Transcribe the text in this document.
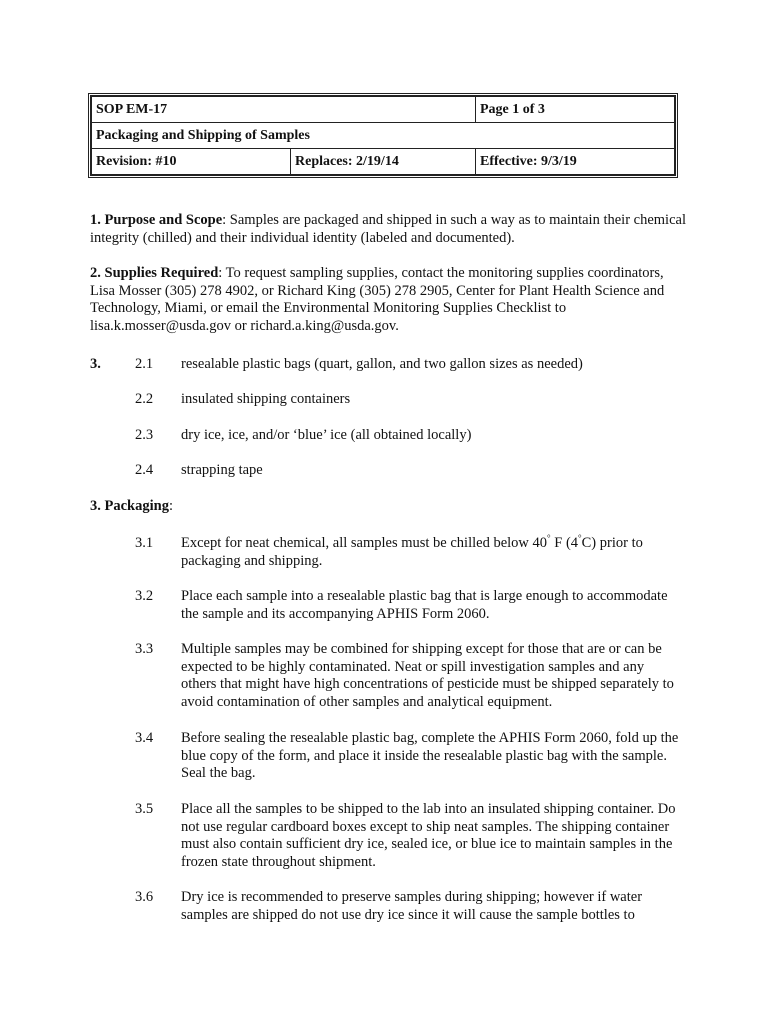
SOP EM-17		Page 1 of 3
Packaging and Shipping of Samples		
Revision: #10	Replaces: 2/19/14	Effective: 9/3/19
1. Purpose and Scope: Samples are packaged and shipped in such a way as to maintain their chemical integrity (chilled) and their individual identity (labeled and documented).
2. Supplies Required: To request sampling supplies, contact the monitoring supplies coordinators, Lisa Mosser (305) 278 4902, or Richard King (305) 278 2905, Center for Plant Health Science and Technology, Miami, or email the Environmental Monitoring Supplies Checklist to lisa.k.mosser@usda.gov or richard.a.king@usda.gov.
3. 2.1 resealable plastic bags (quart, gallon, and two gallon sizes as needed)
2.2 insulated shipping containers
2.3 dry ice, ice, and/or ‘blue’ ice (all obtained locally)
2.4 strapping tape
3. Packaging:
3.1 Except for neat chemical, all samples must be chilled below 40° F (4°C) prior to packaging and shipping.
3.2 Place each sample into a resealable plastic bag that is large enough to accommodate the sample and its accompanying APHIS Form 2060.
3.3 Multiple samples may be combined for shipping except for those that are or can be expected to be highly contaminated. Neat or spill investigation samples and any others that might have high concentrations of pesticide must be shipped separately to avoid contamination of other samples and analytical equipment.
3.4 Before sealing the resealable plastic bag, complete the APHIS Form 2060, fold up the blue copy of the form, and place it inside the resealable plastic bag with the sample. Seal the bag.
3.5 Place all the samples to be shipped to the lab into an insulated shipping container. Do not use regular cardboard boxes except to ship neat samples. The shipping container must also contain sufficient dry ice, sealed ice, or blue ice to maintain samples in the frozen state throughout shipment.
3.6 Dry ice is recommended to preserve samples during shipping; however if water samples are shipped do not use dry ice since it will cause the sample bottles to
